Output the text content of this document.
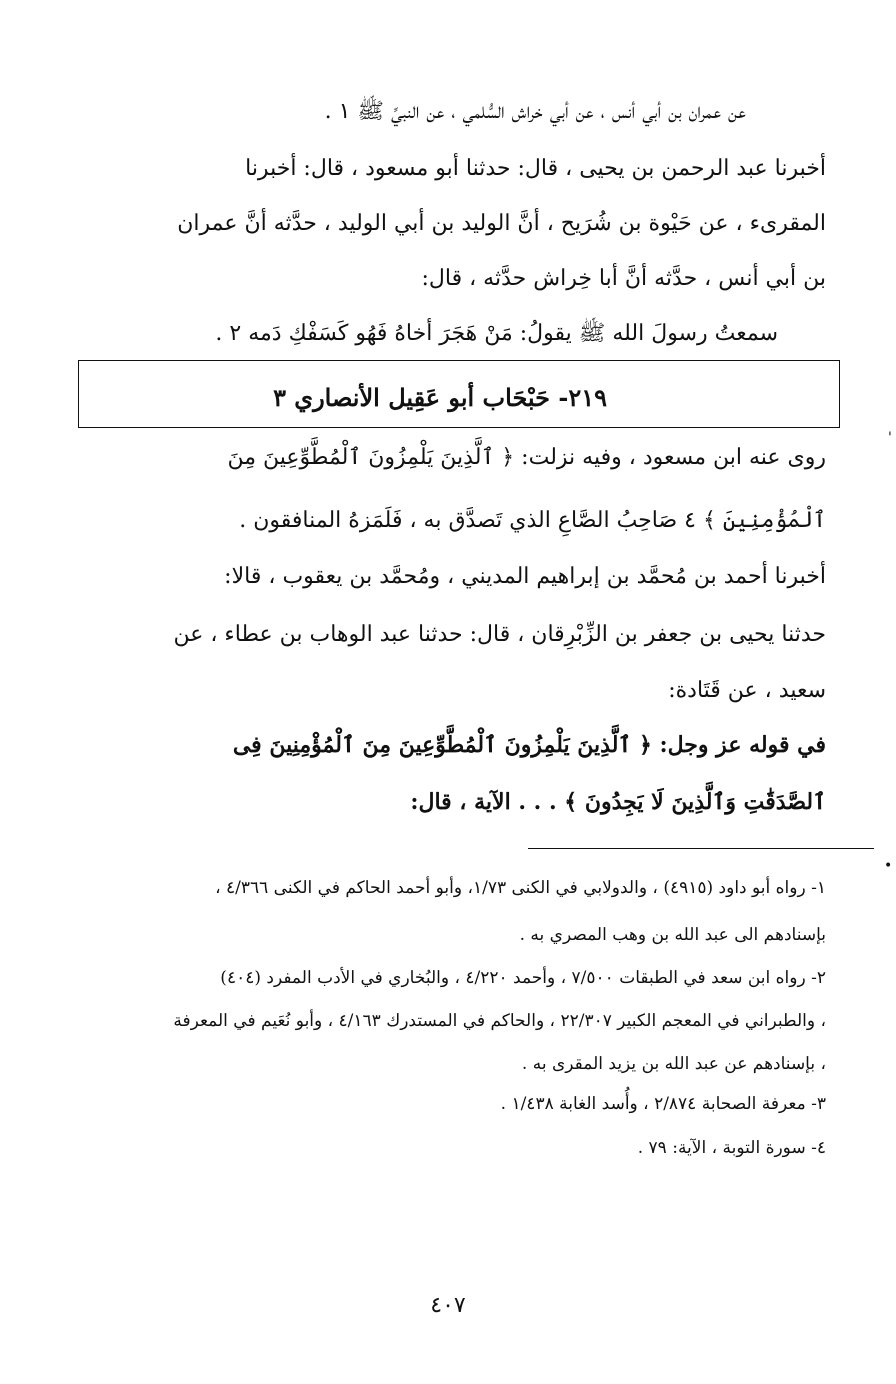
عن عمران بن أبي أنس ، عن أبي خراش السُّلمي ، عن النبيِّ ﷺ ١ .
أخبرنا عبد الرحمن بن يحيى ، قال: حدثنا أبو مسعود ، قال: أخبرنا
المقرىء ، عن حَيْوة بن شُرَيح ، أنَّ الوليد بن أبي الوليد ، حدَّثه أنَّ عمران
بن أبي أنس ، حدَّثه أنَّ أبا خِراش حدَّثه ، قال:
سمعتُ رسولَ الله ﷺ يقولُ: مَنْ هَجَرَ أخاهُ فَهُو كَسَفْكِ دَمه ٢ .
٢١٩- حَبْحَاب أبو عَقِيل الأنصاري ٣
روى عنه ابن مسعود ، وفيه نزلت: ﴿ ٱلَّذِينَ يَلْمِزُونَ ٱلْمُطَّوِّعِينَ مِنَ
ٱلْمُؤْمِنِينَ ﴾ ٤ صَاحِبُ الصَّاعِ الذي تَصدَّق به ، فَلَمَزهُ المنافقون .
أخبرنا أحمد بن مُحمَّد بن إبراهيم المديني ، ومُحمَّد بن يعقوب ، قالا:
حدثنا يحيى بن جعفر بن الزِّبْرِقان ، قال: حدثنا عبد الوهاب بن عطاء ، عن
سعيد ، عن قَتَادة:
في قوله عز وجل: ﴿ ٱلَّذِينَ يَلْمِزُونَ ٱلْمُطَّوِّعِينَ مِنَ ٱلْمُؤْمِنِينَ فِى
ٱلصَّدَقَٰتِ وَٱلَّذِينَ لَا يَجِدُونَ ﴾ . . . الآية ، قال:
•
'
١- رواه أبو داود (٤٩١٥) ، والدولابي في الكنى ١/٧٣، وأبو أحمد الحاكم في الكنى ٤/٣٦٦ ،
بإسنادهم الى عبد الله بن وهب المصري به .
٢- رواه ابن سعد في الطبقات ٧/٥٠٠ ، وأحمد ٤/٢٢٠ ، والبُخاري في الأدب المفرد (٤٠٤)
، والطبراني في المعجم الكبير ٢٢/٣٠٧ ، والحاكم في المستدرك ٤/١٦٣ ، وأبو نُعَيم في المعرفة
، بإسنادهم عن عبد الله بن يزيد المقرى به .
٣- معرفة الصحابة ٢/٨٧٤ ، وأُسد الغابة ١/٤٣٨ .
٤- سورة التوبة ، الآية: ٧٩ .
٤٠٧
